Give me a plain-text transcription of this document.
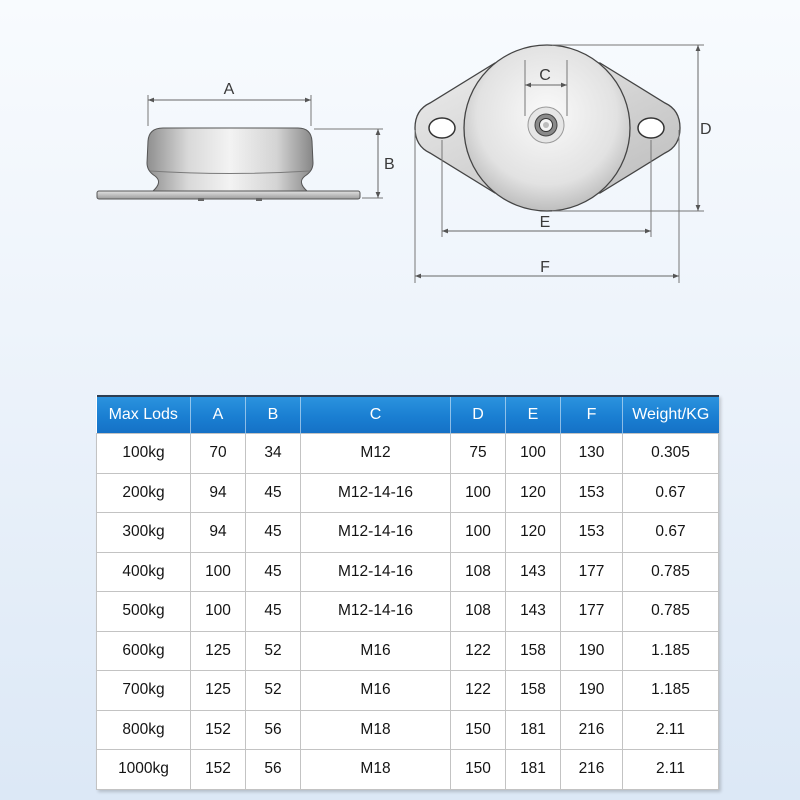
A
B
C
D
E
F
Max Lods	A	B	C	D	E	F	Weight/KG
100kg	70	34	M12	75	100	130	0.305
200kg	94	45	M12-14-16	100	120	153	0.67
300kg	94	45	M12-14-16	100	120	153	0.67
400kg	100	45	M12-14-16	108	143	177	0.785
500kg	100	45	M12-14-16	108	143	177	0.785
600kg	125	52	M16	122	158	190	1.185
700kg	125	52	M16	122	158	190	1.185
800kg	152	56	M18	150	181	216	2.11
1000kg	152	56	M18	150	181	216	2.11
